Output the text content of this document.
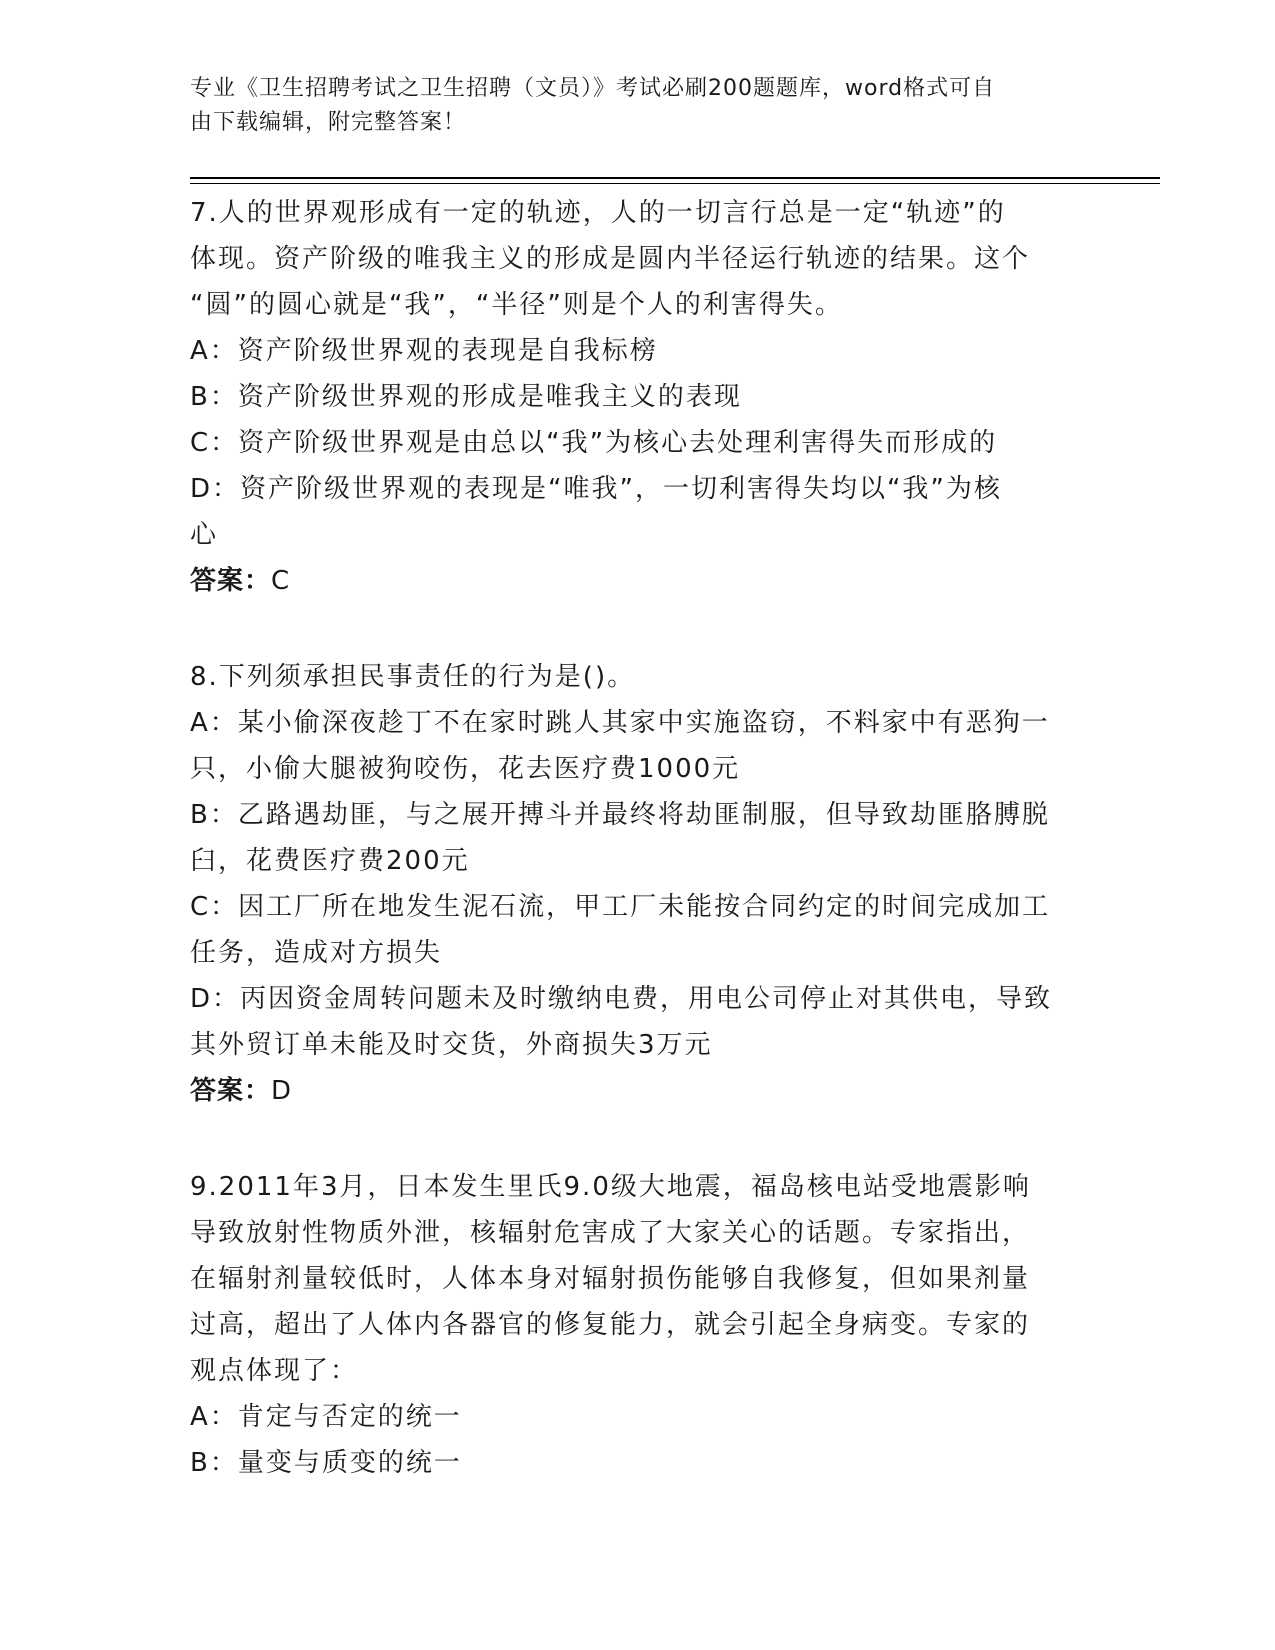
专业《卫生招聘考试之卫生招聘（文员）》考试必刷200题题库，word格式可自
由下载编辑，附完整答案！

7.人的世界观形成有一定的轨迹，人的一切言行总是一定“轨迹”的

体现。资产阶级的唯我主义的形成是圆内半径运行轨迹的结果。这个

“圆”的圆心就是“我”，“半径”则是个人的利害得失。

A：资产阶级世界观的表现是自我标榜

B：资产阶级世界观的形成是唯我主义的表现

C：资产阶级世界观是由总以“我”为核心去处理利害得失而形成的

D：资产阶级世界观的表现是“唯我”，一切利害得失均以“我”为核

心

答案：C

8.下列须承担民事责任的行为是()。

A：某小偷深夜趁丁不在家时跳人其家中实施盗窃，不料家中有恶狗一

只，小偷大腿被狗咬伤，花去医疗费1000元

B：乙路遇劫匪，与之展开搏斗并最终将劫匪制服，但导致劫匪胳膊脱

臼，花费医疗费200元

C：因工厂所在地发生泥石流，甲工厂未能按合同约定的时间完成加工

任务，造成对方损失

D：丙因资金周转问题未及时缴纳电费，用电公司停止对其供电，导致

其外贸订单未能及时交货，外商损失3万元

答案：D

9.2011年3月，日本发生里氏9.0级大地震，福岛核电站受地震影响

导致放射性物质外泄，核辐射危害成了大家关心的话题。专家指出，

在辐射剂量较低时，人体本身对辐射损伤能够自我修复，但如果剂量

过高，超出了人体内各器官的修复能力，就会引起全身病变。专家的

观点体现了：

A：肯定与否定的统一

B：量变与质变的统一
